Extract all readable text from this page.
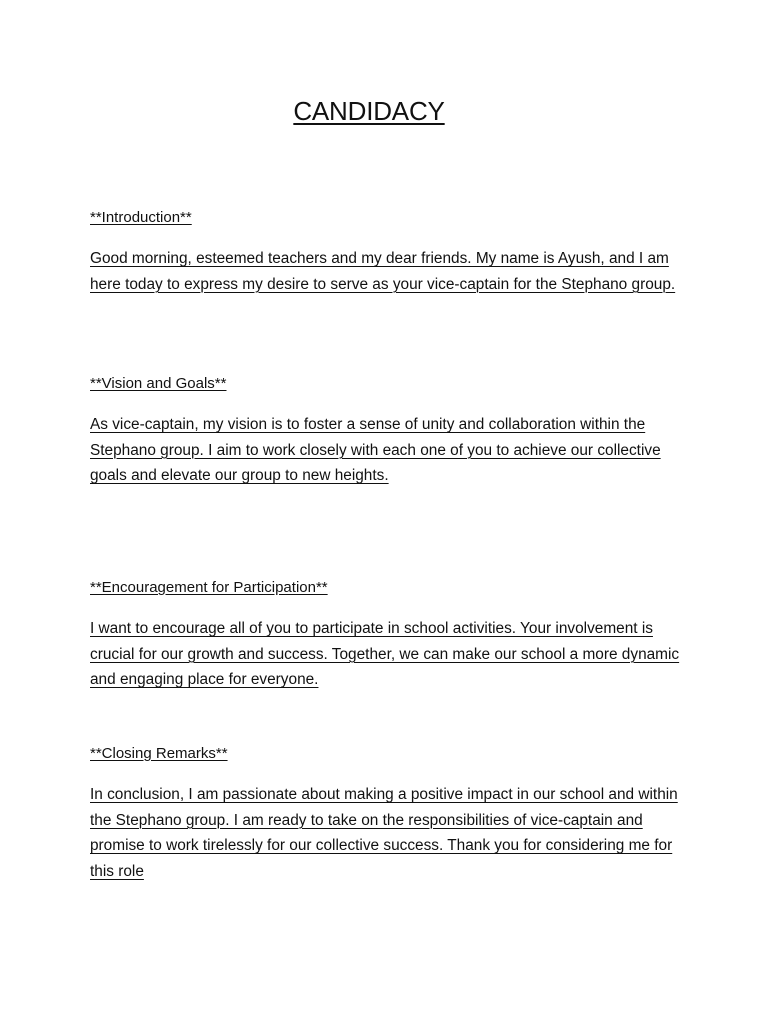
CANDIDACY
**Introduction**
Good morning, esteemed teachers and my dear friends. My name is Ayush, and I am here today to express my desire to serve as your vice-captain for the Stephano group.
**Vision and Goals**
As vice-captain, my vision is to foster a sense of unity and collaboration within the Stephano group. I aim to work closely with each one of you to achieve our collective goals and elevate our group to new heights.
**Encouragement for Participation**
I want to encourage all of you to participate in school activities. Your involvement is crucial for our growth and success. Together, we can make our school a more dynamic and engaging place for everyone.
**Closing Remarks**
In conclusion, I am passionate about making a positive impact in our school and within the Stephano group. I am ready to take on the responsibilities of vice-captain and promise to work tirelessly for our collective success. Thank you for considering me for this role
